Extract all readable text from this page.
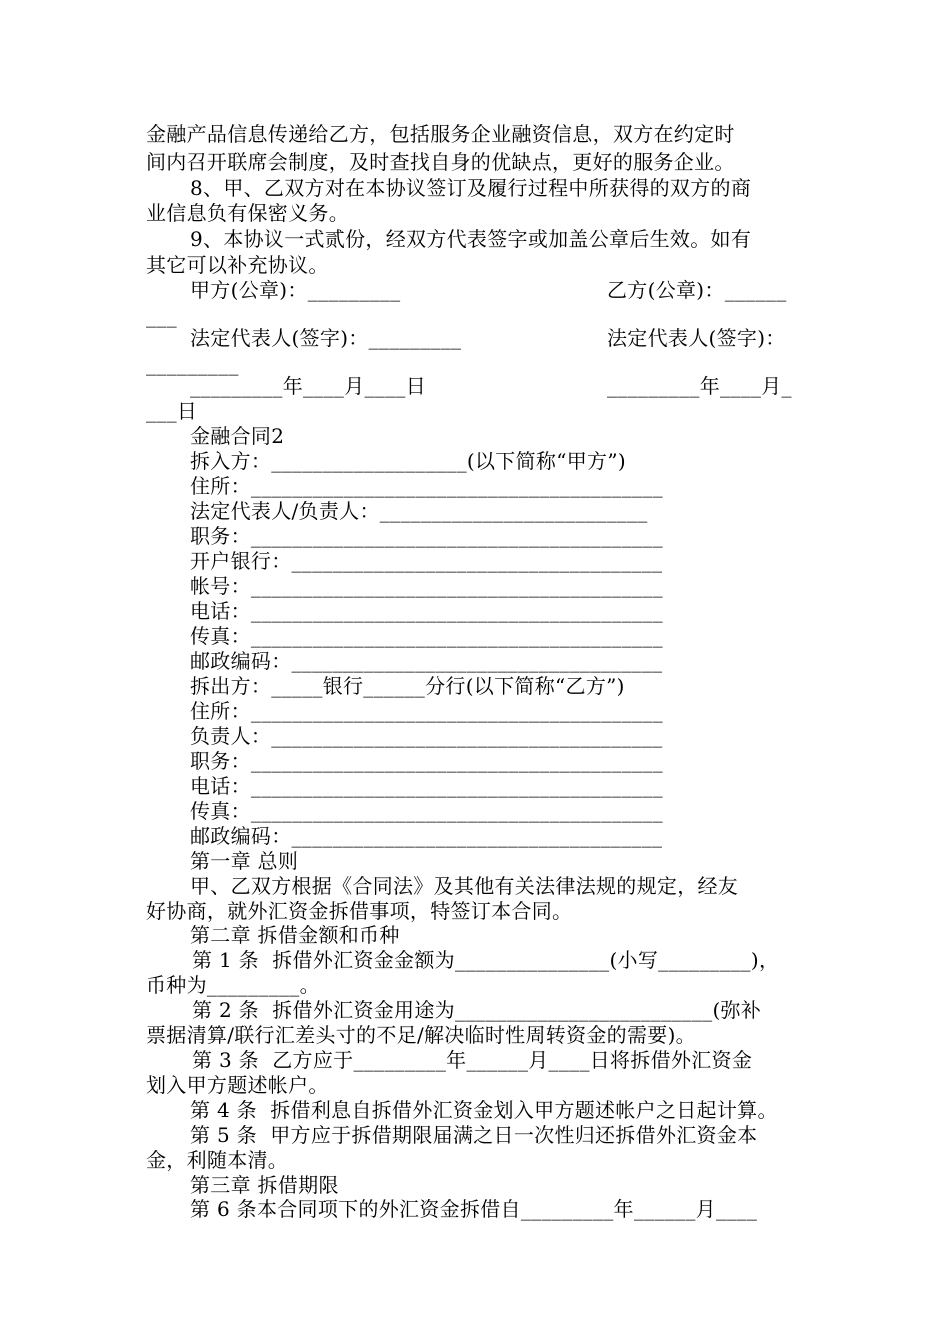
金融产品信息传递给乙方，包括服务企业融资信息，双方在约定时
间内召开联席会制度，及时查找自身的优缺点，更好的服务企业。
8、甲、乙双方对在本协议签订及履行过程中所获得的双方的商
业信息负有保密义务。
9、本协议一式贰份，经双方代表签字或加盖公章后生效。如有
其它可以补充协议。
甲方(公章)：_________	乙方(公章)：______
___
法定代表人(签字)：_________	法定代表人(签字)：
_________
_________年____月____日	_________年____月_
___日
金融合同2
拆入方：___________________(以下简称“甲方”)
住所：________________________________________
法定代表人/负责人：__________________________
职务：________________________________________
开户银行：____________________________________
帐号：________________________________________
电话：________________________________________
传真：________________________________________
邮政编码：____________________________________
拆出方：_____银行______分行(以下简称“乙方”)
住所：________________________________________
负责人：______________________________________
职务：________________________________________
电话：________________________________________
传真：________________________________________
邮政编码：____________________________________
第一章 总则
甲、乙双方根据《合同法》及其他有关法律法规的规定，经友
好协商，就外汇资金拆借事项，特签订本合同。
第二章 拆借金额和币种
第 1 条  拆借外汇资金金额为_______________(小写_________)，
币种为_________。
第 2 条  拆借外汇资金用途为_________________________(弥补
票据清算/联行汇差头寸的不足/解决临时性周转资金的需要)。
第 3 条  乙方应于_________年______月____日将拆借外汇资金
划入甲方题述帐户。
第 4 条  拆借利息自拆借外汇资金划入甲方题述帐户之日起计算。
第 5 条  甲方应于拆借期限届满之日一次性归还拆借外汇资金本
金，利随本清。
第三章 拆借期限
第 6 条本合同项下的外汇资金拆借自_________年______月____
